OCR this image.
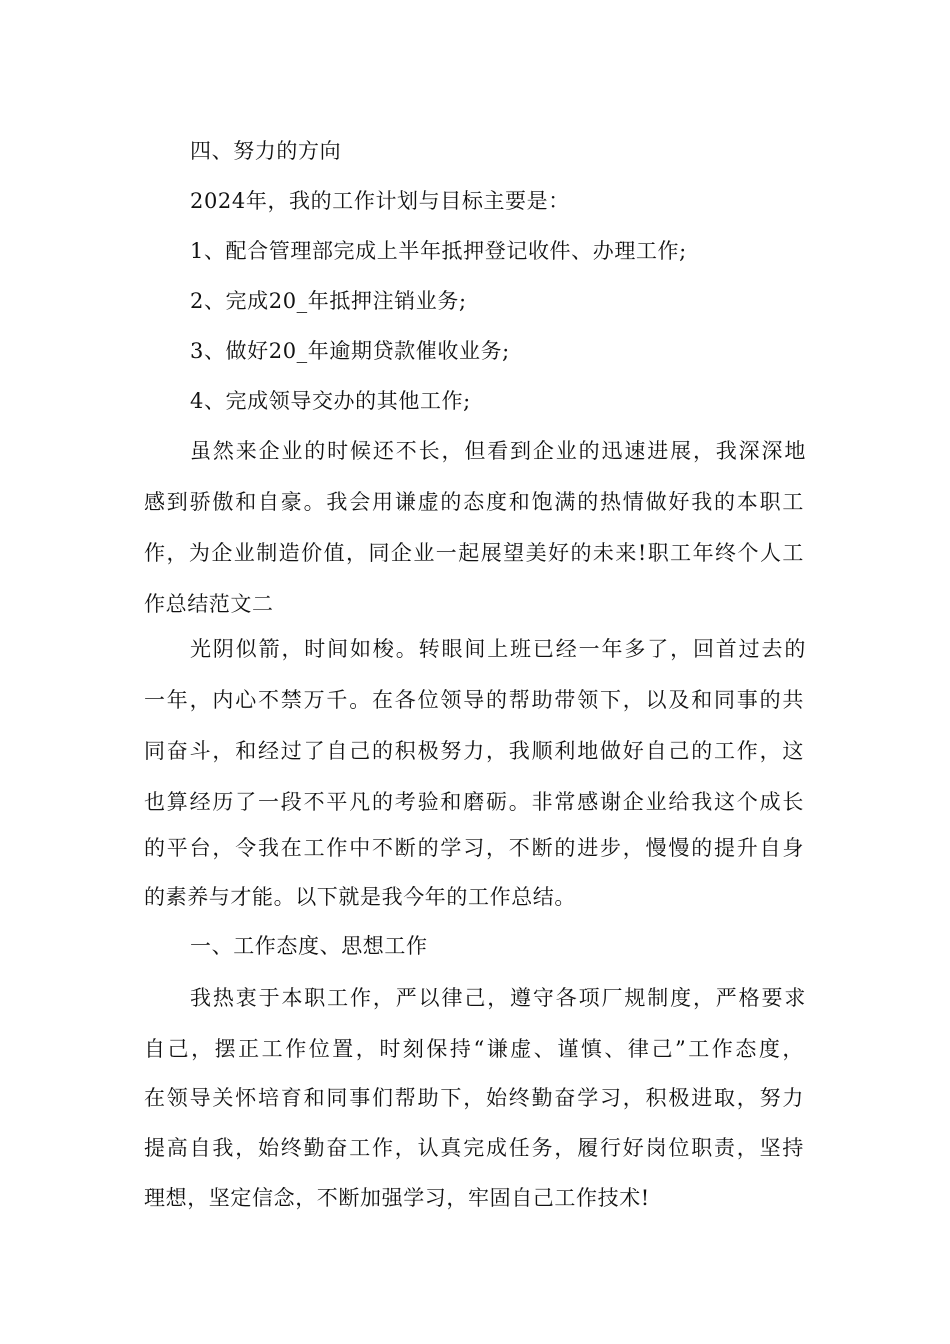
四、努力的方向
2024年，我的工作计划与目标主要是：
1、配合管理部完成上半年抵押登记收件、办理工作;
2、完成20_年抵押注销业务;
3、做好20_年逾期贷款催收业务;
4、完成领导交办的其他工作;
虽然来企业的时候还不长，但看到企业的迅速进展，我深深地
感到骄傲和自豪。我会用谦虚的态度和饱满的热情做好我的本职工
作，为企业制造价值，同企业一起展望美好的未来!职工年终个人工
作总结范文二
光阴似箭，时间如梭。转眼间上班已经一年多了，回首过去的
一年，内心不禁万千。在各位领导的帮助带领下，以及和同事的共
同奋斗，和经过了自己的积极努力，我顺利地做好自己的工作，这
也算经历了一段不平凡的考验和磨砺。非常感谢企业给我这个成长
的平台，令我在工作中不断的学习，不断的进步，慢慢的提升自身
的素养与才能。以下就是我今年的工作总结。
一、工作态度、思想工作
我热衷于本职工作，严以律己，遵守各项厂规制度，严格要求
自己，摆正工作位置，时刻保持“谦虚、谨慎、律己”工作态度，
在领导关怀培育和同事们帮助下，始终勤奋学习，积极进取，努力
提高自我，始终勤奋工作，认真完成任务，履行好岗位职责，坚持
理想，坚定信念，不断加强学习，牢固自己工作技术!
